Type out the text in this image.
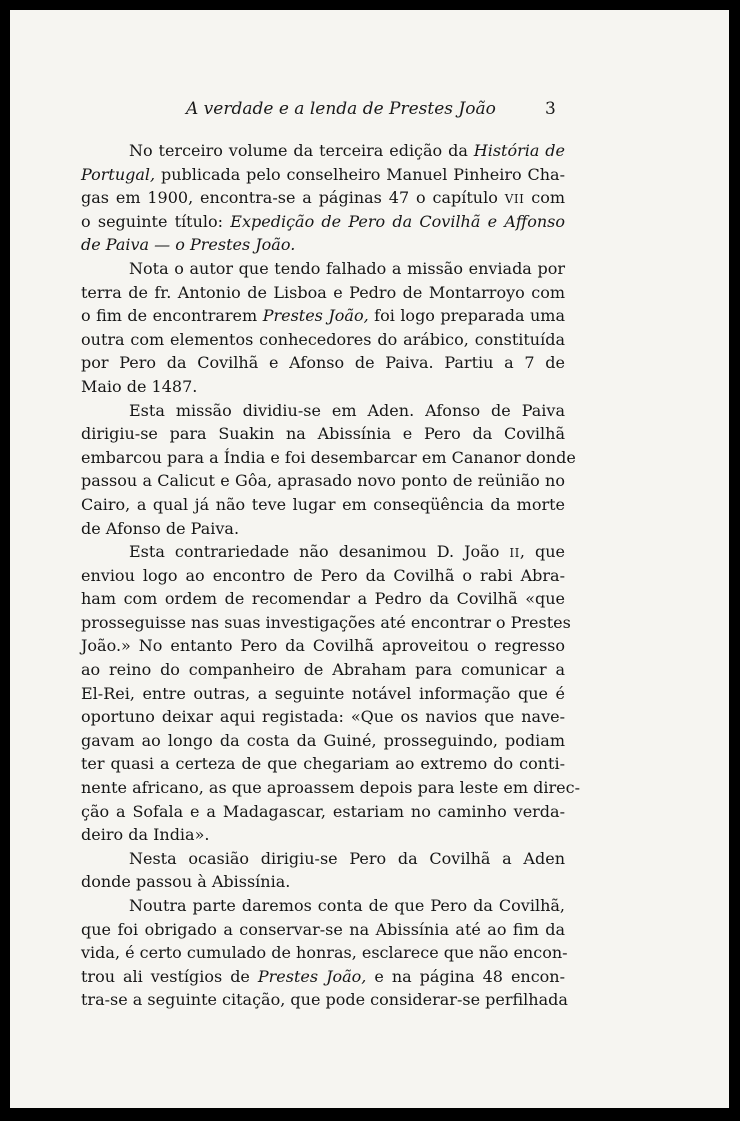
A verdade e a lenda de Prestes João	3
No terceiro volume da terceira edição da História de
Portugal, publicada pelo conselheiro Manuel Pinheiro Cha-
gas em 1900, encontra-se a páginas 47 o capítulo VII com
o seguinte título: Expedição de Pero da Covilhã e Affonso
de Paiva — o Prestes João.
Nota o autor que tendo falhado a missão enviada por
terra de fr. Antonio de Lisboa e Pedro de Montarroyo com
o fim de encontrarem Prestes João, foi logo preparada uma
outra com elementos conhecedores do arábico, constituída
por Pero da Covilhã e Afonso de Paiva. Partiu a 7 de
Maio de 1487.
Esta missão dividiu-se em Aden. Afonso de Paiva
dirigiu-se para Suakin na Abissínia e Pero da Covilhã
embarcou para a Índia e foi desembarcar em Cananor donde
passou a Calicut e Gôa, aprasado novo ponto de reünião no
Cairo, a qual já não teve lugar em conseqüência da morte
de Afonso de Paiva.
Esta contrariedade não desanimou D. João II, que
enviou logo ao encontro de Pero da Covilhã o rabi Abra-
ham com ordem de recomendar a Pedro da Covilhã «que
prosseguisse nas suas investigações até encontrar o Prestes
João.» No entanto Pero da Covilhã aproveitou o regresso
ao reino do companheiro de Abraham para comunicar a
El-Rei, entre outras, a seguinte notável informação que é
oportuno deixar aqui registada: «Que os navios que nave-
gavam ao longo da costa da Guiné, prosseguindo, podiam
ter quasi a certeza de que chegariam ao extremo do conti-
nente africano, as que aproassem depois para leste em direc-
ção a Sofala e a Madagascar, estariam no caminho verda-
deiro da India».
Nesta ocasião dirigiu-se Pero da Covilhã a Aden
donde passou à Abissínia.
Noutra parte daremos conta de que Pero da Covilhã,
que foi obrigado a conservar-se na Abissínia até ao fim da
vida, é certo cumulado de honras, esclarece que não encon-
trou ali vestígios de Prestes João, e na página 48 encon-
tra-se a seguinte citação, que pode considerar-se perfilhada
